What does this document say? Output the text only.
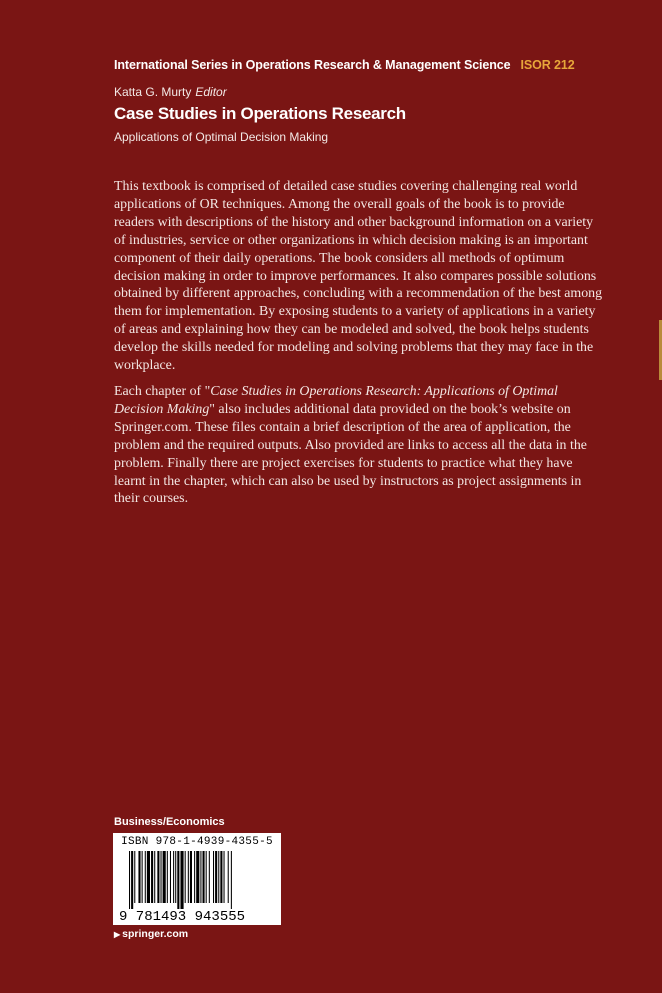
International Series in Operations Research & Management Science ISOR 212
Katta G. Murty Editor
Case Studies in Operations Research
Applications of Optimal Decision Making

This textbook is comprised of detailed case studies covering challenging real world applications of OR techniques. Among the overall goals of the book is to provide readers with descriptions of the history and other background information on a variety of industries, service or other organizations in which decision making is an important component of their daily operations. The book considers all methods of optimum decision making in order to improve performances. It also compares possible solutions obtained by different approaches, concluding with a recommendation of the best among them for implementation. By exposing students to a variety of applications in a variety of areas and explaining how they can be modeled and solved, the book helps students develop the skills needed for modeling and solving problems that they may face in the workplace.

Each chapter of "Case Studies in Operations Research: Applications of Optimal Decision Making" also includes additional data provided on the book’s website on Springer.com. These files contain a brief description of the area of application, the problem and the required outputs. Also provided are links to access all the data in the problem. Finally there are project exercises for students to practice what they have learnt in the chapter, which can also be used by instructors as project assignments in their courses.

Business/Economics
ISBN 978-1-4939-4355-5
9 781493 943555
▶ springer.com
